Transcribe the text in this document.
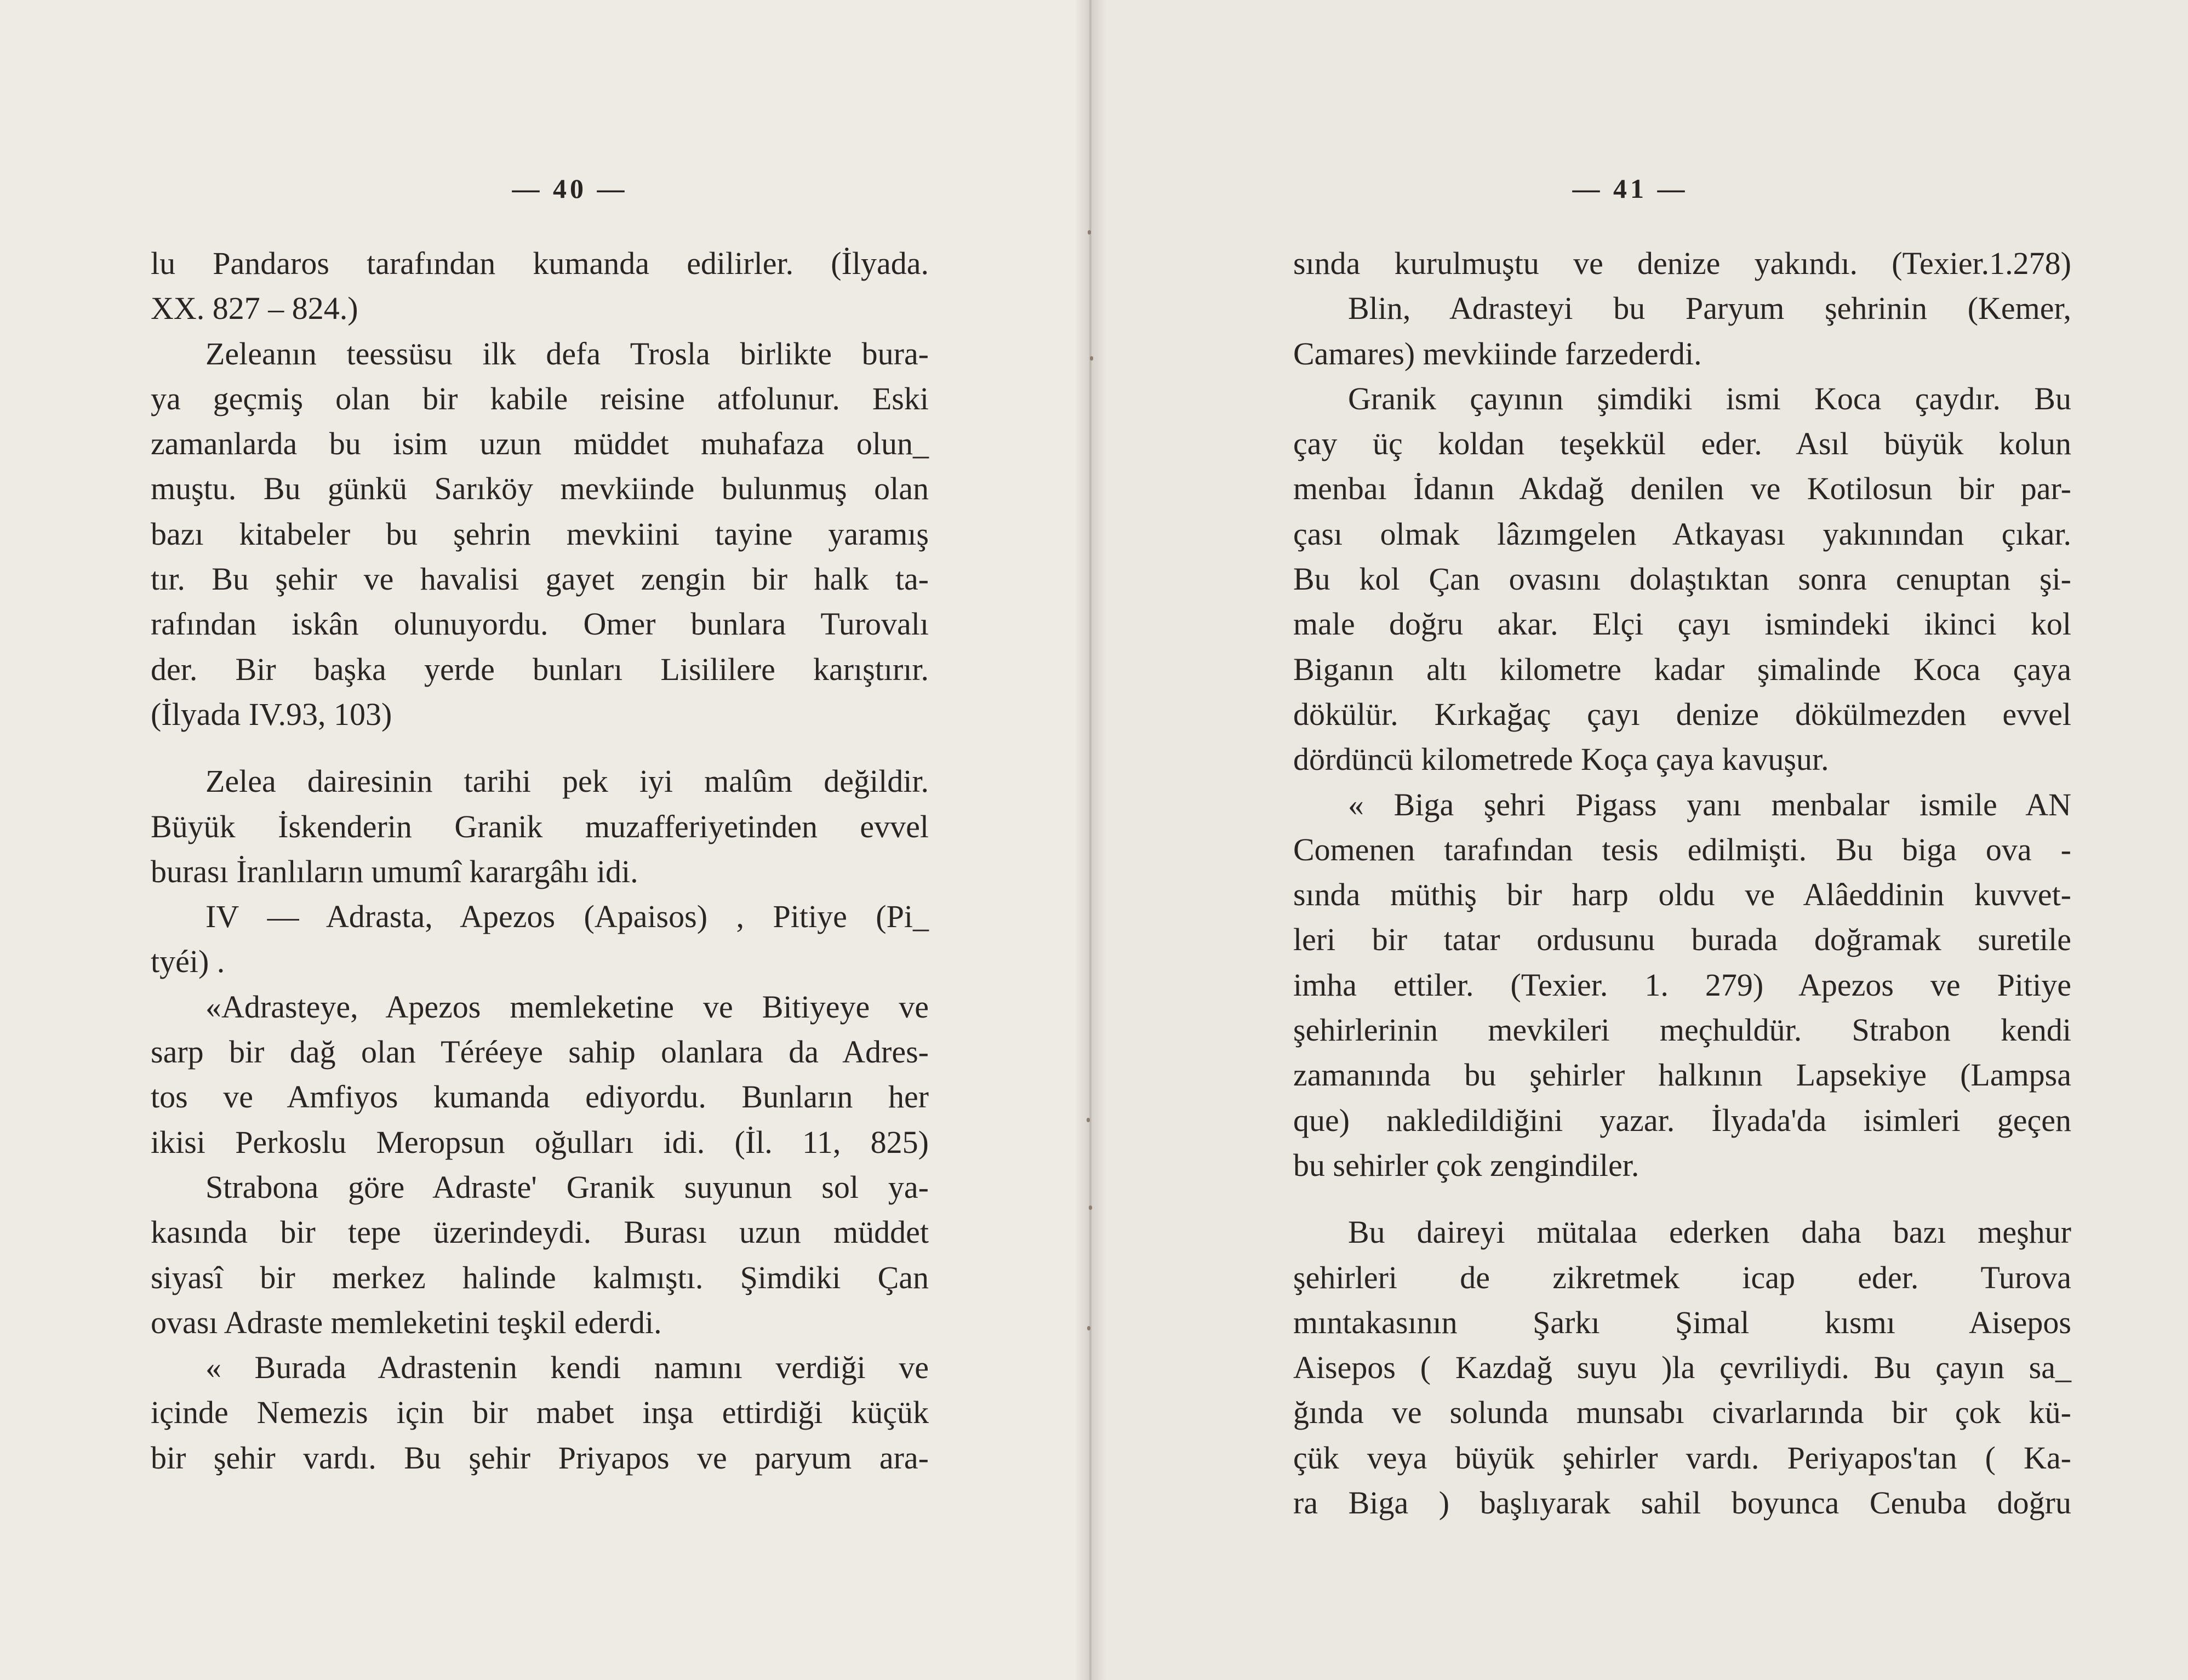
— 40 —
lu Pandaros tarafından kumanda edilirler. (İlyada.
XX. 827 – 824.)
Zeleanın teessüsu ilk defa Trosla birlikte bura-
ya geçmiş olan bir kabile reisine atfolunur. Eski
zamanlarda bu isim uzun müddet muhafaza olun_
muştu. Bu günkü Sarıköy mevkiinde bulunmuş olan
bazı kitabeler bu şehrin mevkiini tayine yaramış
tır. Bu şehir ve havalisi gayet zengin bir halk ta-
rafından iskân olunuyordu. Omer bunlara Turovalı
der. Bir başka yerde bunları Lisililere karıştırır.
(İlyada IV.93, 103)
Zelea dairesinin tarihi pek iyi malûm değildir.
Büyük İskenderin Granik muzafferiyetinden evvel
burası İranlıların umumî karargâhı idi.
IV — Adrasta, Apezos (Apaisos) , Pitiye (Pi_
tyéi) .
«Adrasteye, Apezos memleketine ve Bitiyeye ve
sarp bir dağ olan Téréeye sahip olanlara da Adres-
tos ve Amfiyos kumanda ediyordu. Bunların her
ikisi Perkoslu Meropsun oğulları idi. (İl. 11, 825)
Strabona göre Adraste' Granik suyunun sol ya-
kasında bir tepe üzerindeydi. Burası uzun müddet
siyasî bir merkez halinde kalmıştı. Şimdiki Çan
ovası Adraste memleketini teşkil ederdi.
« Burada Adrastenin kendi namını verdiği ve
içinde Nemezis için bir mabet inşa ettirdiği küçük
bir şehir vardı. Bu şehir Priyapos ve paryum ara-
— 41 —
sında kurulmuştu ve denize yakındı. (Texier.1.278)
Blin, Adrasteyi bu Paryum şehrinin (Kemer,
Camares) mevkiinde farzederdi.
Granik çayının şimdiki ismi Koca çaydır. Bu
çay üç koldan teşekkül eder. Asıl büyük kolun
menbaı İdanın Akdağ denilen ve Kotilosun bir par-
çası olmak lâzımgelen Atkayası yakınından çıkar.
Bu kol Çan ovasını dolaştıktan sonra cenuptan şi-
male doğru akar. Elçi çayı ismindeki ikinci kol
Biganın altı kilometre kadar şimalinde Koca çaya
dökülür. Kırkağaç çayı denize dökülmezden evvel
dördüncü kilometrede Koça çaya kavuşur.
« Biga şehri Pigass yanı menbalar ismile AN
Comenen tarafından tesis edilmişti. Bu biga ova -
sında müthiş bir harp oldu ve Alâeddinin kuvvet-
leri bir tatar ordusunu burada doğramak suretile
imha ettiler. (Texier. 1. 279) Apezos ve Pitiye
şehirlerinin mevkileri meçhuldür. Strabon kendi
zamanında bu şehirler halkının Lapsekiye (Lampsa
que) nakledildiğini yazar. İlyada'da isimleri geçen
bu sehirler çok zengindiler.
Bu daireyi mütalaa ederken daha bazı meşhur
şehirleri de zikretmek icap eder. Turova
mıntakasının Şarkı Şimal kısmı Aisepos
Aisepos ( Kazdağ suyu )la çevriliydi. Bu çayın sa_
ğında ve solunda munsabı civarlarında bir çok kü-
çük veya büyük şehirler vardı. Periyapos'tan ( Ka-
ra Biga ) başlıyarak sahil boyunca Cenuba doğru
